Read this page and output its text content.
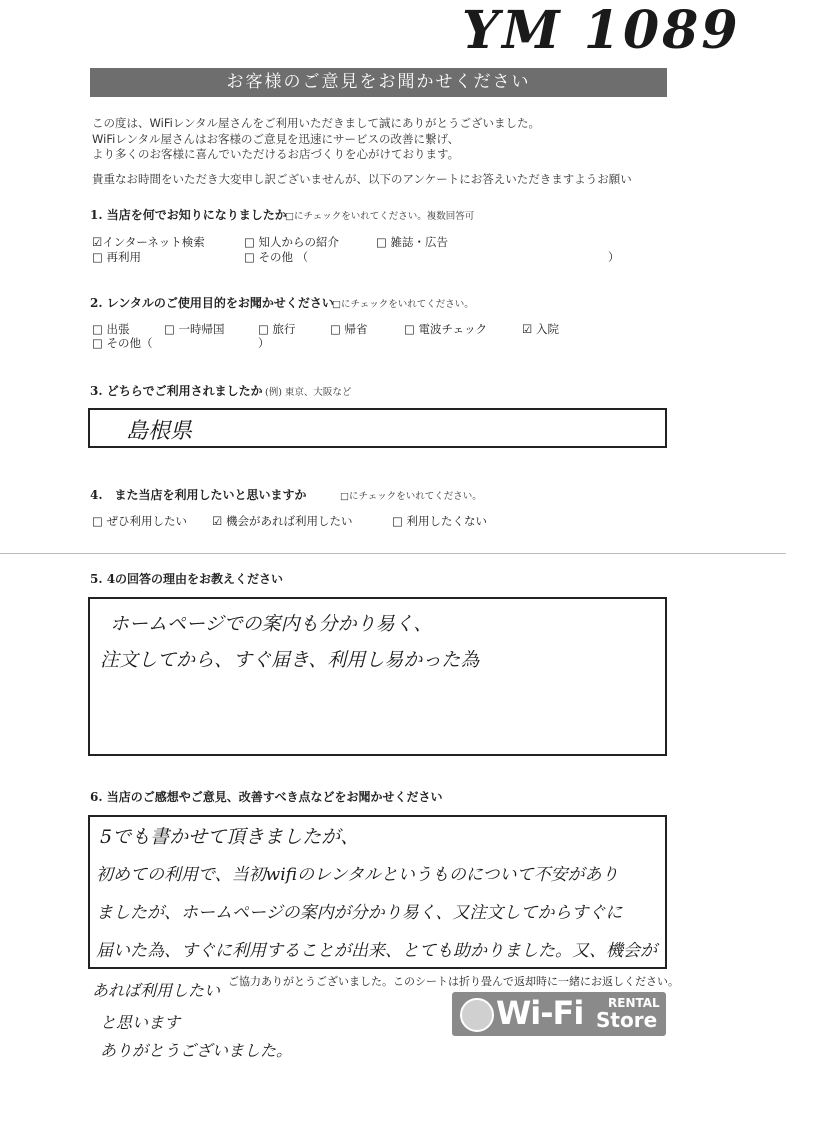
YM 1089
お客様のご意見をお聞かせください
この度は、WiFiレンタル屋さんをご利用いただきまして誠にありがとうございました。
WiFiレンタル屋さんはお客様のご意見を迅速にサービスの改善に繋げ、
より多くのお客様に喜んでいただけるお店づくりを心がけております。
貴重なお時間をいただき大変申し訳ございませんが、以下のアンケートにお答えいただきますようお願い
1. 当店を何でお知りになりましたか
□にチェックをいれてください。複数回答可
☑インターネット検索	□ 知人からの紹介	□ 雑誌・広告
□ 再利用	□ その他 （	）
2. レンタルのご使用目的をお聞かせください
□にチェックをいれてください。
□ 出張	□ 一時帰国	□ 旅行	□ 帰省	□ 電波チェック	☑ 入院
□ その他（	）
3. どちらでご利用されましたか (例) 東京、大阪など
島根県
4.　また当店を利用したいと思いますか	□にチェックをいれてください。
□ ぜひ利用したい ☑ 機会があれば利用したい	□ 利用したくない
5. 4の回答の理由をお教えください
ホームページでの案内も分かり易く、
注文してから、すぐ届き、利用し易かった為
6. 当店のご感想やご意見、改善すべき点などをお聞かせください
5でも書かせて頂きましたが、
初めての利用で、当初wifiのレンタルというものについて不安があり
ましたが、ホームページの案内が分かり易く、又注文してからすぐに
届いた為、すぐに利用することが出来、とても助かりました。又、機会が
あれば利用したい
と思います
ありがとうございました。
ご協力ありがとうございました。このシートは折り畳んで返却時に一緒にお返しください。
Wi-Fi RENTAL
Store
